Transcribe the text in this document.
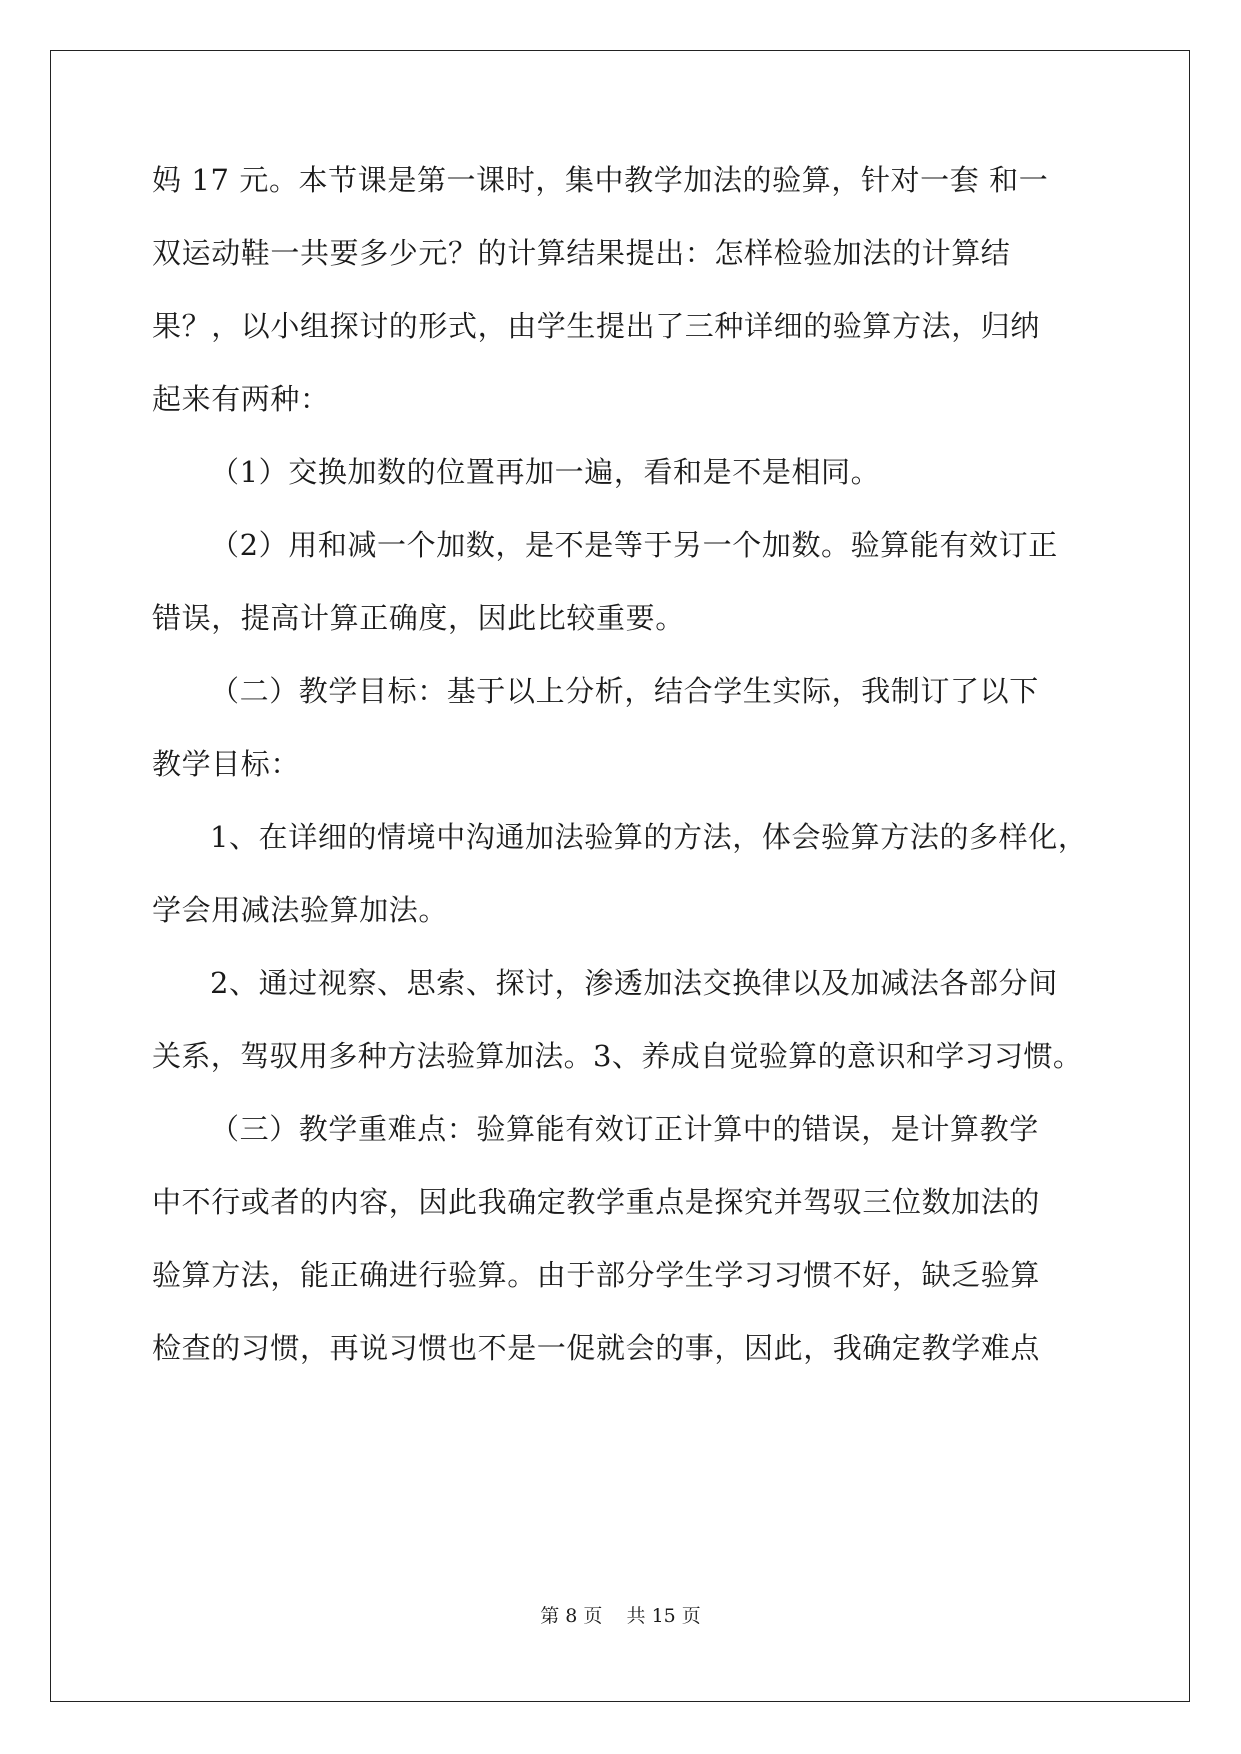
妈 17 元。本节课是第一课时，集中教学加法的验算，针对一套 和一
双运动鞋一共要多少元？的计算结果提出：怎样检验加法的计算结
果？，以小组探讨的形式，由学生提出了三种详细的验算方法，归纳
起来有两种：
（1）交换加数的位置再加一遍，看和是不是相同。
（2）用和减一个加数，是不是等于另一个加数。验算能有效订正
错误，提高计算正确度，因此比较重要。
（二）教学目标：基于以上分析，结合学生实际，我制订了以下
教学目标：
1、在详细的情境中沟通加法验算的方法，体会验算方法的多样化，
学会用减法验算加法。
2、通过视察、思索、探讨，渗透加法交换律以及加减法各部分间
关系，驾驭用多种方法验算加法。3、养成自觉验算的意识和学习习惯。
（三）教学重难点：验算能有效订正计算中的错误，是计算教学
中不行或者的内容，因此我确定教学重点是探究并驾驭三位数加法的
验算方法，能正确进行验算。由于部分学生学习习惯不好，缺乏验算
检查的习惯，再说习惯也不是一促就会的事，因此，我确定教学难点
第 8 页    共 15 页
